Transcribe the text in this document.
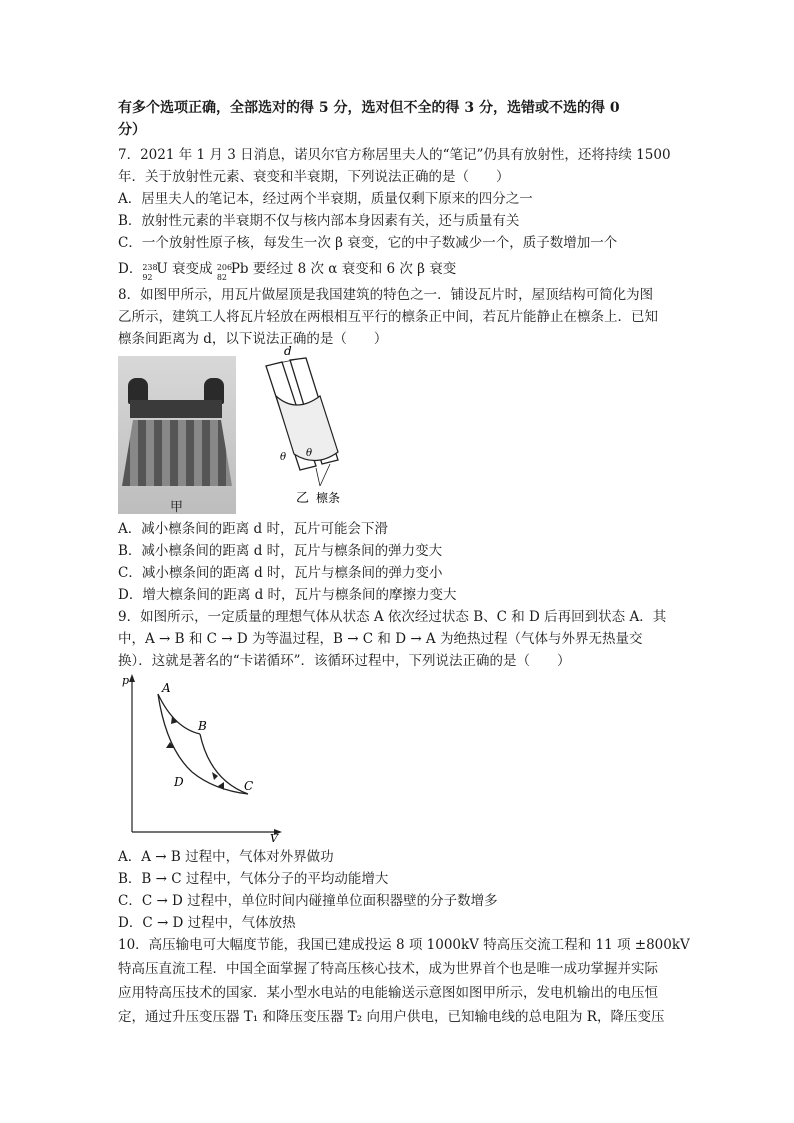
有多个选项正确，全部选对的得 5 分，选对但不全的得 3 分，选错或不选的得 0
分）
7．2021 年 1 月 3 日消息，诺贝尔官方称居里夫人的“笔记”仍具有放射性，还将持续 1500
年．关于放射性元素、衰变和半衰期，下列说法正确的是（　　）
A．居里夫人的笔记本，经过两个半衰期，质量仅剩下原来的四分之一
B．放射性元素的半衰期不仅与核内部本身因素有关，还与质量有关
C．一个放射性原子核，每发生一次 β 衰变，它的中子数减少一个，质子数增加一个
D． 238
92 U 衰变成 206
82 Pb 要经过 8 次 α 衰变和 6 次 β 衰变
8．如图甲所示，用瓦片做屋顶是我国建筑的特色之一．铺设瓦片时，屋顶结构可简化为图
乙所示，建筑工人将瓦片轻放在两根相互平行的檩条正中间，若瓦片能静止在檩条上．已知
檩条间距离为 d，以下说法正确的是（　　）
甲
d
θ θ
乙 檩条
A．减小檩条间的距离 d 时，瓦片可能会下滑
B．减小檩条间的距离 d 时，瓦片与檩条间的弹力变大
C．减小檩条间的距离 d 时，瓦片与檩条间的弹力变小
D．增大檩条间的距离 d 时，瓦片与檩条间的摩擦力变大
9．如图所示，一定质量的理想气体从状态 A 依次经过状态 B、C 和 D 后再回到状态 A．其
中，A → B 和 C → D 为等温过程，B → C 和 D → A 为绝热过程（气体与外界无热量交
换）．这就是著名的“卡诺循环”．该循环过程中，下列说法正确的是（　　）
p
V
A
B
C
D
A．A → B 过程中，气体对外界做功
B．B → C 过程中，气体分子的平均动能增大
C．C → D 过程中，单位时间内碰撞单位面积器壁的分子数增多
D．C → D 过程中，气体放热
10．高压输电可大幅度节能，我国已建成投运 8 项 1000kV 特高压交流工程和 11 项 ±800kV
特高压直流工程．中国全面掌握了特高压核心技术，成为世界首个也是唯一成功掌握并实际
应用特高压技术的国家．某小型水电站的电能输送示意图如图甲所示，发电机输出的电压恒
定，通过升压变压器 T₁ 和降压变压器 T₂ 向用户供电，已知输电线的总电阻为 R，降压变压
